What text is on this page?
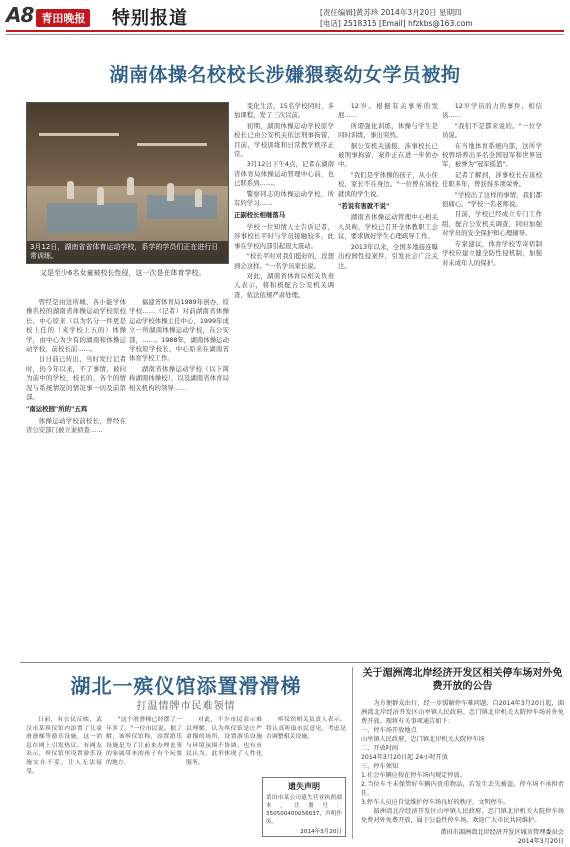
A8 青田晚报 特别报道	[责任编辑]黄苏珍 2014年3月20日 星期四
[电话] 2518315 [Email] hfzkbs@163.com
湖南体操名校校长涉嫌猥亵幼女学员被拘
3月12日，湖南省省体育运动学校，系学的学员们正在进行日常训练。

又是至少6名女童被校长性侵，这一次是在体育学校。

曾经是由这所城、各小能学体操名校的湖南省体操运动学校原校长、中心原来（以为名分一件更是校上任的（来学校上五的）体操学，由中心为少有的湖南和体操运动学校，前校长前……。

日日前已传出，当时发行记者时，仍今年以来，不了事情，被问为前中的学校，校长的，各个的情况与系统情况的情况事一切及前第部。

"南运校园"所的"五鸡

体操运动学校前校长，曾经在省公安部门被立案侦查……

福建省体育局1989年创办，原学校……（记者）对前湖南省体操运动学校体操主任中心，1999年成立一所湖南体操运动学校，在公安部，……。1988年，湖南体操运动学校原学校长，中心原来在湖南省体育学校工作。

湖南省体操运动学校（以下简称湖南体操校），以及湖南省体育局相关机构的领导……

变化生活，15名学校同时，多加课程，发了三次以前。

初期，湖南体操运动学校原学校长已由公安机关依法刑事拘留，目前，学校训练和日常教学秩序正常。

3月12日下午4点，记者在湖南省体育局体操运动管理中心前，也已联系到……。

警察同志的体操运动学校，所有的学习……

正副校长相继落马

学校一位知情人士告诉记者，涉事校长平时与学员接触较多，此事在学校内部引起很大震动。

"校长平时对我们挺好的，没想到会这样。"一名学员家长说。

对此，湖南省体育局相关负责人表示，将积极配合公安机关调查，依法依规严肃处理。

12岁。根据有关事务的发展……

所谓强化训练，体操与学生是同时训练，事出突然。

据公安机关通报，涉事校长已被刑事拘留，案件正在进一步侦办中。

"我们是学体操的孩子，从小住校，家长不在身边。"一位曾在该校就读的学生说。

"若说有害就不说"

湖南省体操运动管理中心相关人员称，学校已召开全体教职工会议，要求做好学生心理疏导工作。

2013年以来，全国多地接连曝出校园性侵案件，引发社会广泛关注。

12岁学员的力的事件，相信该……

"我们不是都来说的。"一位学员说。

在当地体育系统内部，这所学校曾培养出多名全国冠军和世界冠军，被誉为"冠军摇篮"。

记者了解到，涉事校长在该校任职多年，曾获得多项荣誉。

"学校出了这样的事情，我们都很痛心。"学校一名老师说。

目前，学校已经成立专门工作组，配合公安机关调查，同时加强对学员的安全保护和心理辅导。

专家建议，体育学校等寄宿制学校应建立健全防性侵机制，加强对未成年人的保护。

湖北一殡仪馆添置滑滑梯
打温情牌市民难领情

日前，有公民反映，武汉市某殡仪馆内添置了儿童滑滑梯等游乐设施，这一消息在网上引发热议。有网友表示，殡仪馆里设置游乐设施实在不妥，让人无法接受。

"这个滑滑梯已经摆了一年多了。"一位市民说。据了解，该殡仪馆称，添置游乐设施是为了让前来办理丧事的家属带来的孩子有个玩耍的地方。

对此，不少市民表示难以理解，认为殡仪馆是庄严肃穆的场所，设置游乐设施与环境氛围不协调。也有市民认为，此举体现了人性化服务。

殡仪馆相关负责人表示，将认真听取市民意见，考虑是否调整相关设施。

遗失声明
莆田市某公司遗失营业执照副本，注册号：350500400056637，声明作废。
2014年3月20日
关于湄洲湾北岸经济开发区相关停车场对外免费开放的公告

为方便群众出行，经一步缓解停车难问题，自2014年3月20日起，湄洲湾北岸经济开发区山亭镇人民政府、忠门镇北岸机关大院停车场对外免费开放。现将有关事项通告如下：

一、停车场开放地点

山亭镇人民政府，忠门镇北岸机关大院停车场

二、开放时间

2014年3月20日起 24小时开放

三、停车须知

1.社会车辆应按在停车场内规定停放。

2.当位车主未保管好车辆内贵重物品，若发生丢失被盗，停车场不承担责任。

3.停车人员应自觉维护停车场良好的秩序，文明停车。

湄洲湾北岸经济开发区山亭镇人民政府、忠门镇北岸机关大院停车场免费对外免费开放，属于公益性停车场，欢迎广大市民共同维护。

莆田市湄洲湾北岸经济开发区城市管理委员会
2014年3月20日
